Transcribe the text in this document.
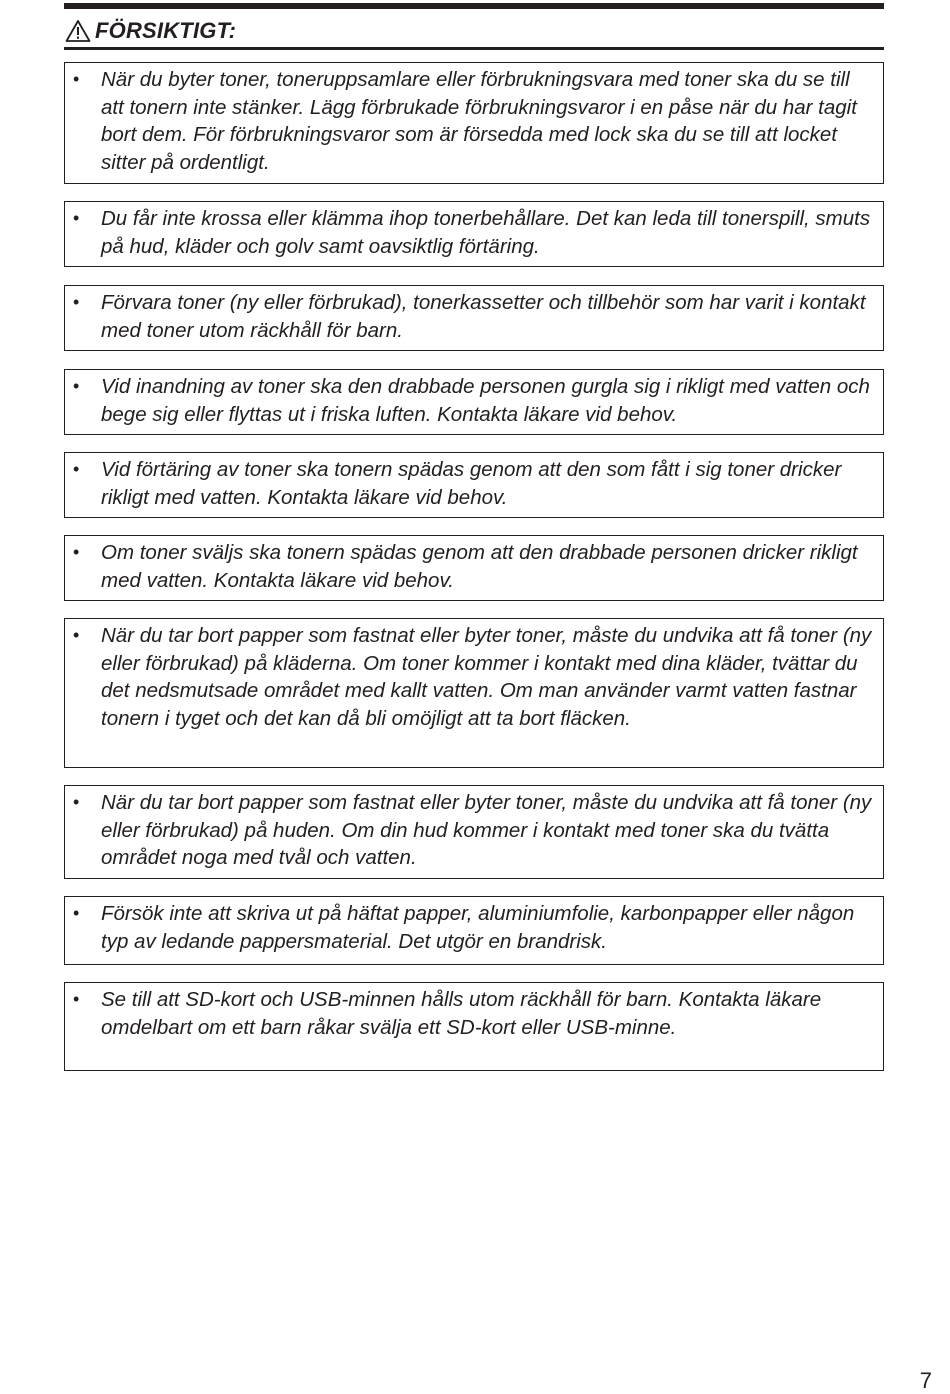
FÖRSIKTIGT:
• När du byter toner, toneruppsamlare eller förbrukningsvara med toner ska du se till att tonern inte stänker. Lägg förbrukade förbrukningsvaror i en påse när du har tagit bort dem. För förbrukningsvaror som är försedda med lock ska du se till att locket sitter på ordentligt.
• Du får inte krossa eller klämma ihop tonerbehållare. Det kan leda till tonerspill, smuts på hud, kläder och golv samt oavsiktlig förtäring.
• Förvara toner (ny eller förbrukad), tonerkassetter och tillbehör som har varit i kontakt med toner utom räckhåll för barn.
• Vid inandning av toner ska den drabbade personen gurgla sig i rikligt med vatten och bege sig eller flyttas ut i friska luften. Kontakta läkare vid behov.
• Vid förtäring av toner ska tonern spädas genom att den som fått i sig toner dricker rikligt med vatten. Kontakta läkare vid behov.
• Om toner sväljs ska tonern spädas genom att den drabbade personen dricker rikligt med vatten. Kontakta läkare vid behov.
• När du tar bort papper som fastnat eller byter toner, måste du undvika att få toner (ny eller förbrukad) på kläderna. Om toner kommer i kontakt med dina kläder, tvättar du det nedsmutsade området med kallt vatten. Om man använder varmt vatten fastnar tonern i tyget och det kan då bli omöjligt att ta bort fläcken.
• När du tar bort papper som fastnat eller byter toner, måste du undvika att få toner (ny eller förbrukad) på huden. Om din hud kommer i kontakt med toner ska du tvätta området noga med tvål och vatten.
• Försök inte att skriva ut på häftat papper, aluminiumfolie, karbonpapper eller någon typ av ledande pappersmaterial. Det utgör en brandrisk.
• Se till att SD-kort och USB-minnen hålls utom räckhåll för barn. Kontakta läkare omdelbart om ett barn råkar svälja ett SD-kort eller USB-minne.
7
